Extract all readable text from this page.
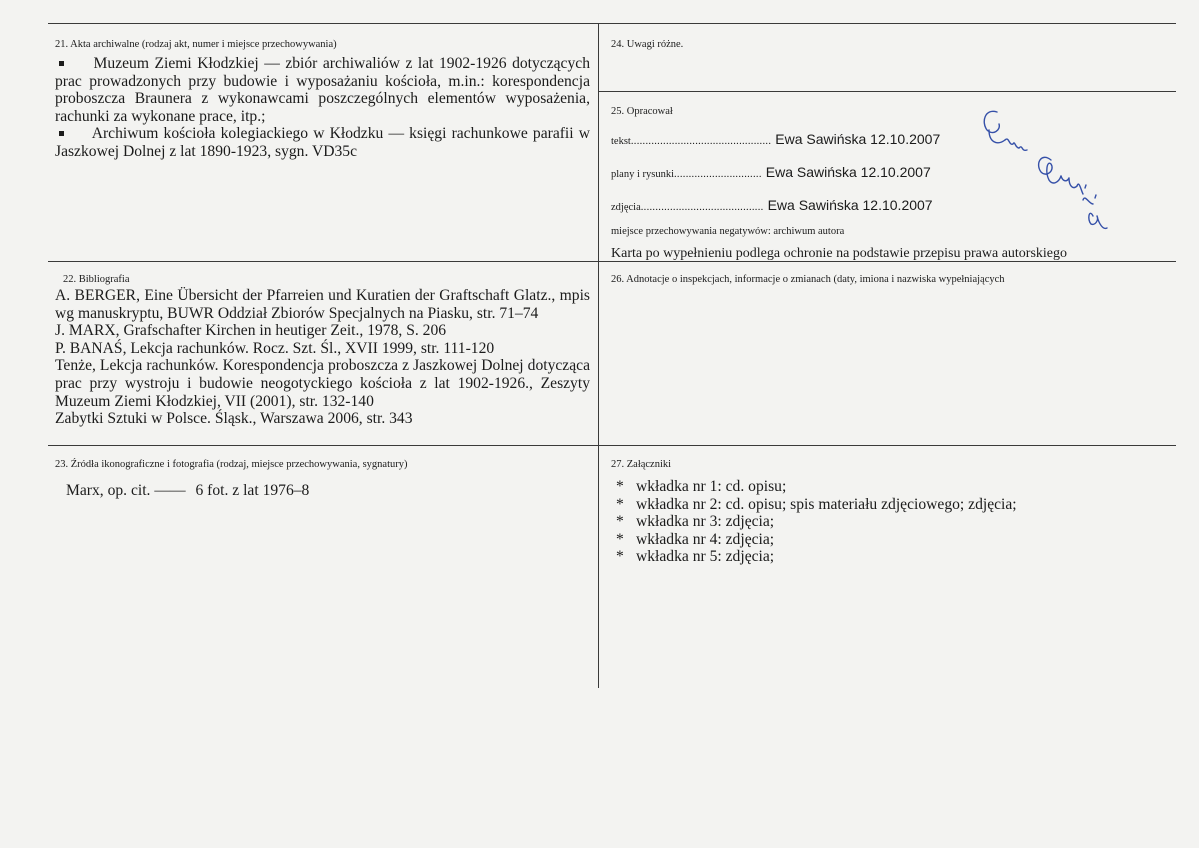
21. Akta archiwalne (rodzaj akt, numer i miejsce przechowywania)
Muzeum Ziemi Kłodzkiej — zbiór archiwaliów z lat 1902-1926 dotyczących prac prowadzonych przy budowie i wyposażaniu kościoła, m.in.: korespondencja proboszcza Braunera z wykonawcami poszczególnych elementów wyposażenia, rachunki za wykonane prace, itp.;
Archiwum kościoła kolegiackiego w Kłodzku — księgi rachunkowe parafii w Jaszkowej Dolnej z lat 1890-1923, sygn. VD35c
24. Uwagi różne.
25. Opracował
tekst................................................ Ewa Sawińska 12.10.2007
plany i rysunki.............................. Ewa Sawińska 12.10.2007
zdjęcia.......................................... Ewa Sawińska 12.10.2007
miejsce przechowywania negatywów: archiwum autora
Karta po wypełnieniu podlega ochronie na podstawie przepisu prawa autorskiego
22. Bibliografia
A. BERGER, Eine Übersicht der Pfarreien und Kuratien der Graftschaft Glatz., mpis wg manuskryptu, BUWR Oddział Zbiorów Specjalnych na Piasku, str. 71–74
J. MARX, Grafschafter Kirchen in heutiger Zeit., 1978, S. 206
P. BANAŚ, Lekcja rachunków. Rocz. Szt. Śl., XVII 1999, str. 111-120
Tenże, Lekcja rachunków. Korespondencja proboszcza z Jaszkowej Dolnej dotycząca prac przy wystroju i budowie neogotyckiego kościoła z lat 1902-1926., Zeszyty Muzeum Ziemi Kłodzkiej, VII (2001), str. 132-140
Zabytki Sztuki w Polsce. Śląsk., Warszawa 2006, str. 343
26. Adnotacje o inspekcjach, informacje o zmianach (daty, imiona i nazwiska wypełniających
23. Źródła ikonograficzne i fotografia (rodzaj, miejsce przechowywania, sygnatury)
Marx, op. cit. —— 6 fot. z lat 1976–8
27. Załączniki
* wkładka nr 1: cd. opisu;
* wkładka nr 2: cd. opisu; spis materiału zdjęciowego; zdjęcia;
* wkładka nr 3: zdjęcia;
* wkładka nr 4: zdjęcia;
* wkładka nr 5: zdjęcia;
